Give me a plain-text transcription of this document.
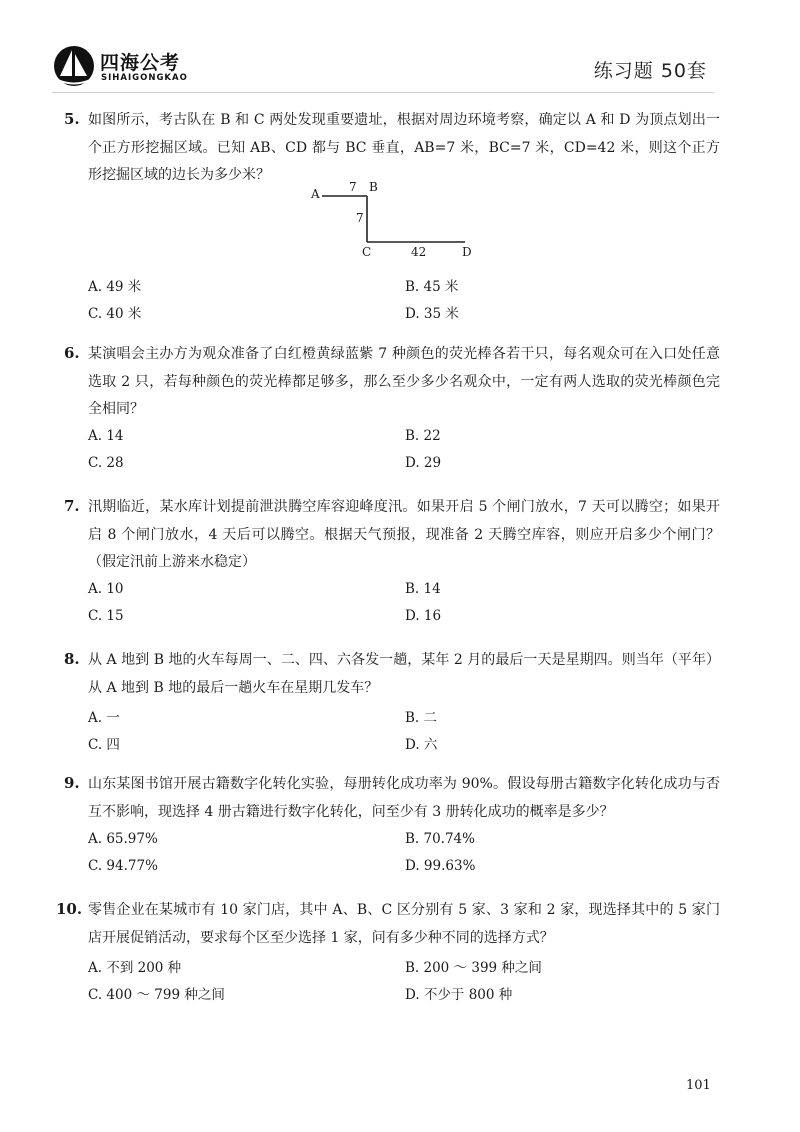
四海公考
SIHAIGONGKAO	练习题 50套
5. 如图所示，考古队在 B 和 C 两处发现重要遗址，根据对周边环境考察，确定以 A 和 D 为顶点划出一个正方形挖掘区域。已知 AB、CD 都与 BC 垂直，AB=7 米，BC=7 米，CD=42 米，则这个正方形挖掘区域的边长为多少米？
A 7 B
7
C	42	D
A. 49 米	B. 45 米
C. 40 米	D. 35 米
6. 某演唱会主办方为观众准备了白红橙黄绿蓝紫 7 种颜色的荧光棒各若干只，每名观众可在入口处任意选取 2 只，若每种颜色的荧光棒都足够多，那么至少多少名观众中，一定有两人选取的荧光棒颜色完全相同？
A. 14	B. 22
C. 28	D. 29
7. 汛期临近，某水库计划提前泄洪腾空库容迎峰度汛。如果开启 5 个闸门放水，7 天可以腾空；如果开启 8 个闸门放水，4 天后可以腾空。根据天气预报，现准备 2 天腾空库容，则应开启多少个闸门？（假定汛前上游来水稳定）
A. 10	B. 14
C. 15	D. 16
8. 从 A 地到 B 地的火车每周一、二、四、六各发一趟，某年 2 月的最后一天是星期四。则当年（平年）从 A 地到 B 地的最后一趟火车在星期几发车？
A. 一	B. 二
C. 四	D. 六
9. 山东某图书馆开展古籍数字化转化实验，每册转化成功率为 90%。假设每册古籍数字化转化成功与否互不影响，现选择 4 册古籍进行数字化转化，问至少有 3 册转化成功的概率是多少？
A. 65.97%	B. 70.74%
C. 94.77%	D. 99.63%
10. 零售企业在某城市有 10 家门店，其中 A、B、C 区分别有 5 家、3 家和 2 家，现选择其中的 5 家门店开展促销活动，要求每个区至少选择 1 家，问有多少种不同的选择方式？
A. 不到 200 种	B. 200 ～ 399 种之间
C. 400 ～ 799 种之间	D. 不少于 800 种
101
